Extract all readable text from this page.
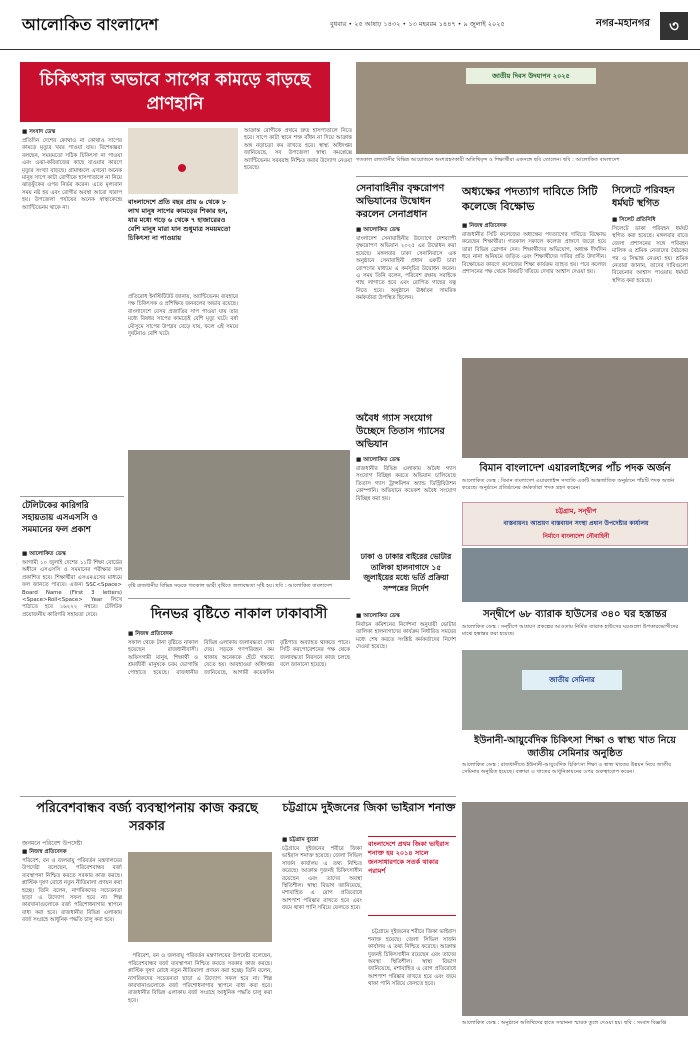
আলোকিত বাংলাদেশ	বুধবার • ২৫ আষাঢ় ১৪৩২ • ১৩ মহররম ১৪৪৭ • ৯ জুলাই ২০২৫	নগর-মহানগর	৩
চিকিৎসার অভাবে সাপের কামড়ে বাড়ছে প্রাণহানি
■ সংবাদ ডেস্ক
প্রতিদিন দেশের কোথাও না কোথাও সাপের কামড়ে মৃত্যুর খবর পাওয়া যায়। বিশেষজ্ঞরা বলছেন, সময়মতো সঠিক চিকিৎসা না পাওয়া এবং ওঝা-কবিরাজের কাছে যাওয়ার কারণে মৃত্যুর সংখ্যা বাড়ছে। গ্রামাঞ্চলে এখনো অনেক মানুষ সাপে কাটা রোগীকে হাসপাতালে না নিয়ে ঝাড়ফুঁকের ওপর নির্ভর করেন। এতে মূল্যবান সময় নষ্ট হয় এবং রোগীর অবস্থা আরো খারাপ হয়। উপজেলা পর্যায়ের অনেক স্বাস্থ্যকেন্দ্রে অ্যান্টিভেনম থাকে না।
বাংলাদেশে প্রতি বছর প্রায় ৬ থেকে ৮ লাখ মানুষ সাপের কামড়ের শিকার হন, যার মধ্যে গড়ে ৬ থেকে ৭ হাজারেরও বেশি মানুষ মারা যান শুধুমাত্র সময়মতো চিকিৎসা না পাওয়ায়
প্রতিরোধ ইনস্টিটিউট জানায়, অ্যান্টিভেনম ব্যবহারে দক্ষ চিকিৎসক ও প্রশিক্ষিত জনবলের অভাব রয়েছে। বাংলাদেশে যেসব প্রজাতির সাপ পাওয়া যায় তার মধ্যে বিষধর সাপের কামড়েই বেশি মৃত্যু ঘটে। বর্ষা মৌসুমে সাপের উপদ্রব বেড়ে যায়, ফলে এই সময়ে দুর্ঘটনাও বেশি ঘটে।
আক্রান্ত রোগীকে প্রথমে দ্রুত হাসপাতালে নিতে হবে। সাপে কাটা স্থানে শক্ত বাঁধন না দিয়ে আক্রান্ত অঙ্গ নড়াচড়া কম রাখতে হবে। স্বাস্থ্য অধিদপ্তর জানিয়েছে, সব উপজেলা স্বাস্থ্য কমপ্লেক্সে অ্যান্টিভেনম সরবরাহ নিশ্চিত করার উদ্যোগ নেওয়া হয়েছে।
জাতীয় দিবস উদযাপন ২০২৫
গতকাল রাজধানীর বিভিন্ন আয়োজনে অংশগ্রহণকারী অতিথিবৃন্দ ও শিক্ষার্থীরা একসঙ্গে ছবি তোলেন। ছবি : আলোকিত বাংলাদেশ
সেনাবাহিনীর বৃক্ষরোপণ অভিযানের উদ্বোধন করলেন সেনাপ্রধান
■ আলোকিত ডেস্ক
বাংলাদেশ সেনাবাহিনীর উদ্যোগে দেশব্যাপী বৃক্ষরোপণ অভিযান ২০২৫ এর উদ্বোধন করা হয়েছে। মঙ্গলবার ঢাকা সেনানিবাসে এক অনুষ্ঠানে সেনাবাহিনী প্রধান একটি চারা রোপণের মাধ্যমে এ কর্মসূচির উদ্বোধন করেন। এ সময় তিনি বলেন, পরিবেশ রক্ষায় সবাইকে গাছ লাগাতে হবে এবং রোপিত গাছের যত্ন নিতে হবে। অনুষ্ঠানে ঊর্ধ্বতন সামরিক কর্মকর্তারা উপস্থিত ছিলেন।
অধ্যক্ষের পদত্যাগ দাবিতে সিটি কলেজে বিক্ষোভ
■ নিজস্ব প্রতিবেদক
রাজধানীর সিটি কলেজের অধ্যক্ষের পদত্যাগের দাবিতে বিক্ষোভ করেছেন শিক্ষার্থীরা। গতকাল সকালে কলেজ প্রাঙ্গণে জড়ো হয়ে তারা বিভিন্ন স্লোগান দেন। শিক্ষার্থীদের অভিযোগ, অধ্যক্ষ দীর্ঘদিন ধরে নানা অনিয়মে জড়িত এবং শিক্ষার্থীদের দাবির প্রতি উদাসীন। বিক্ষোভের কারণে কলেজের শিক্ষা কার্যক্রম ব্যাহত হয়। পরে কলেজ প্রশাসনের পক্ষ থেকে বিষয়টি খতিয়ে দেখার আশ্বাস দেওয়া হয়।
সিলেটে পরিবহন ধর্মঘট স্থগিত
■ সিলেট প্রতিনিধি
সিলেটে ডাকা পরিবহন ধর্মঘট স্থগিত করা হয়েছে। মঙ্গলবার রাতে জেলা প্রশাসনের সঙ্গে পরিবহন মালিক ও শ্রমিক নেতাদের বৈঠকের পর এ সিদ্ধান্ত নেওয়া হয়। শ্রমিক নেতারা জানান, তাদের দাবিগুলো বিবেচনার আশ্বাস পাওয়ায় ধর্মঘট স্থগিত করা হয়েছে।
অবৈধ গ্যাস সংযোগ উচ্ছেদে তিতাস গ্যাসের অভিযান
■ আলোকিত ডেস্ক
রাজধানীর বিভিন্ন এলাকায় অবৈধ গ্যাস সংযোগ বিচ্ছিন্ন করতে অভিযান চালিয়েছে তিতাস গ্যাস ট্রান্সমিশন অ্যান্ড ডিস্ট্রিবিউশন কোম্পানি। অভিযানে কয়েকশ অবৈধ সংযোগ বিচ্ছিন্ন করা হয়।
বিমান বাংলাদেশ এয়ারলাইন্সের পাঁচ পদক অর্জন
আলোকিত ডেস্ক : বিমান বাংলাদেশ এয়ারলাইন্স সম্প্রতি একটি আন্তর্জাতিক অনুষ্ঠানে পাঁচটি পদক অর্জন করেছে। অনুষ্ঠানে প্রতিষ্ঠানের কর্মকর্তারা পদক গ্রহণ করেন।
চট্টগ্রাম, সন্দ্বীপ
বাস্তবায়নঃ আশ্রয়ণ বাস্তবায়ন সংস্থা প্রধান উপদেষ্টার কার্যালয়
নির্মাণে বাংলাদেশ নৌবাহিনী
সন্দ্বীপে ৬৮ ব্যারাক হাউসের ৩৪০ ঘর হস্তান্তর
আলোকিত ডেস্ক : সন্দ্বীপে আশ্রয়ণ প্রকল্পের আওতায় নির্মিত ব্যারাক হাউসের ঘরগুলো উপকারভোগীদের মাঝে হস্তান্তর করা হয়েছে।
ঢাকা ও ঢাকার বাইরের ভোটার তালিকা হালনাগাদে ১৫ জুলাইয়ের মধ্যে ভর্তি প্রক্রিয়া সম্পন্নের নির্দেশ
■ আলোকিত ডেস্ক
নির্বাচন কমিশনের নির্দেশনা অনুযায়ী ভোটার তালিকা হালনাগাদের কার্যক্রম নির্ধারিত সময়ের মধ্যে শেষ করতে সংশ্লিষ্ট কর্মকর্তাদের নির্দেশ দেওয়া হয়েছে।
টেলিটকের কারিগরি সহায়তায় এসএসসি ও সমমানের ফল প্রকাশ
■ আলোকিত ডেস্ক
আগামী ১০ জুলাই দেশের ১১টি শিক্ষা বোর্ডের অধীনে এসএসসি ও সমমানের পরীক্ষার ফল প্রকাশিত হবে। শিক্ষার্থীরা এসএমএসের মাধ্যমে ফল জানতে পারবে। এজন্য SSC<Space> Board Name (First 3 letters)<Space>Roll<Space> Year লিখে পাঠাতে হবে ১৬২২২ নম্বরে। টেলিটক প্রয়োজনীয় কারিগরি সহায়তা দেবে।
বৃষ্টি রাজধানীর বিভিন্ন সড়কে গতকাল ভারী বৃষ্টিতে জলাবদ্ধতা সৃষ্টি হয়। ছবি : আলোকিত বাংলাদেশ
দিনভর বৃষ্টিতে নাকাল ঢাকাবাসী
■ নিজস্ব প্রতিবেদক
সকাল থেকে টানা বৃষ্টিতে নাকাল হয়েছেন রাজধানীবাসী। অফিসগামী মানুষ, শিক্ষার্থী ও শ্রমজীবী মানুষকে চরম ভোগান্তি পোহাতে হয়েছে। রাজধানীর বিভিন্ন এলাকায় জলাবদ্ধতা দেখা দেয়। সড়কে গণপরিবহন কম থাকায় অনেককে হেঁটে গন্তব্যে যেতে হয়। আবহাওয়া অধিদপ্তর জানিয়েছে, আগামী কয়েকদিন বৃষ্টিপাত অব্যাহত থাকতে পারে। সিটি করপোরেশনের পক্ষ থেকে জলাবদ্ধতা নিরসনে কাজ চলছে বলে জানানো হয়েছে।
জাতীয় সেমিনার
ইউনানী-আয়ুর্বেদিক চিকিৎসা শিক্ষা ও স্বাস্থ্য খাত নিয়ে জাতীয় সেমিনার অনুষ্ঠিত
আলোকিত ডেস্ক : রাজধানীতে ইউনানী-আয়ুর্বেদিক চিকিৎসা শিক্ষা ও স্বাস্থ্য খাতের উন্নয়ন নিয়ে জাতীয় সেমিনার অনুষ্ঠিত হয়েছে। বক্তারা এ খাতের আধুনিকায়নের ওপর গুরুত্বারোপ করেন।
পরিবেশবান্ধব বর্জ্য ব্যবস্থাপনায় কাজ করছে সরকার
জনমনে পরিবেশ উপদেষ্টা
■ নিজস্ব প্রতিবেদক
পরিবেশ, বন ও জলবায়ু পরিবর্তন মন্ত্রণালয়ের উপদেষ্টা বলেছেন, পরিবেশবান্ধব বর্জ্য ব্যবস্থাপনা নিশ্চিত করতে সরকার কাজ করছে। প্লাস্টিক দূষণ রোধে নতুন নীতিমালা প্রণয়ন করা হচ্ছে। তিনি বলেন, নাগরিকদের সচেতনতা ছাড়া এ উদ্যোগ সফল হবে না। শিল্প কারখানাগুলোকে বর্জ্য পরিশোধনাগার স্থাপনে বাধ্য করা হবে। রাজধানীর বিভিন্ন এলাকায় বর্জ্য সংগ্রহে আধুনিক পদ্ধতি চালু করা হবে।

পরিবেশ, বন ও জলবায়ু পরিবর্তন মন্ত্রণালয়ের উপদেষ্টা বলেছেন, পরিবেশবান্ধব বর্জ্য ব্যবস্থাপনা নিশ্চিত করতে সরকার কাজ করছে। প্লাস্টিক দূষণ রোধে নতুন নীতিমালা প্রণয়ন করা হচ্ছে। তিনি বলেন, নাগরিকদের সচেতনতা ছাড়া এ উদ্যোগ সফল হবে না। শিল্প কারখানাগুলোকে বর্জ্য পরিশোধনাগার স্থাপনে বাধ্য করা হবে। রাজধানীর বিভিন্ন এলাকায় বর্জ্য সংগ্রহে আধুনিক পদ্ধতি চালু করা হবে।

চট্টগ্রামে দুইজনের জিকা ভাইরাস শনাক্ত
■ চট্টগ্রাম ব্যুরো
চট্টগ্রামে দুইজনের শরীরে জিকা ভাইরাস শনাক্ত হয়েছে। জেলা সিভিল সার্জন কার্যালয় এ তথ্য নিশ্চিত করেছে। আক্রান্ত দুজনই চিকিৎসাধীন রয়েছেন এবং তাদের অবস্থা স্থিতিশীল। স্বাস্থ্য বিভাগ জানিয়েছে, মশাবাহিত এ রোগ প্রতিরোধে আশপাশ পরিষ্কার রাখতে হবে এবং জমে থাকা পানি সরিয়ে ফেলতে হবে।
বাংলাদেশে প্রথম জিকা ভাইরাস শনাক্ত হয় ২০১৪ সালে জনসাধারণকে সতর্ক থাকার পরামর্শ

চট্টগ্রামে দুইজনের শরীরে জিকা ভাইরাস শনাক্ত হয়েছে। জেলা সিভিল সার্জন কার্যালয় এ তথ্য নিশ্চিত করেছে। আক্রান্ত দুজনই চিকিৎসাধীন রয়েছেন এবং তাদের অবস্থা স্থিতিশীল। স্বাস্থ্য বিভাগ জানিয়েছে, মশাবাহিত এ রোগ প্রতিরোধে আশপাশ পরিষ্কার রাখতে হবে এবং জমে থাকা পানি সরিয়ে ফেলতে হবে।

আলোকিত ডেস্ক : অনুষ্ঠানে অতিথিদের হাতে সম্মাননা স্মারক তুলে দেওয়া হয়। ছবি : সংবাদ বিজ্ঞপ্তি
